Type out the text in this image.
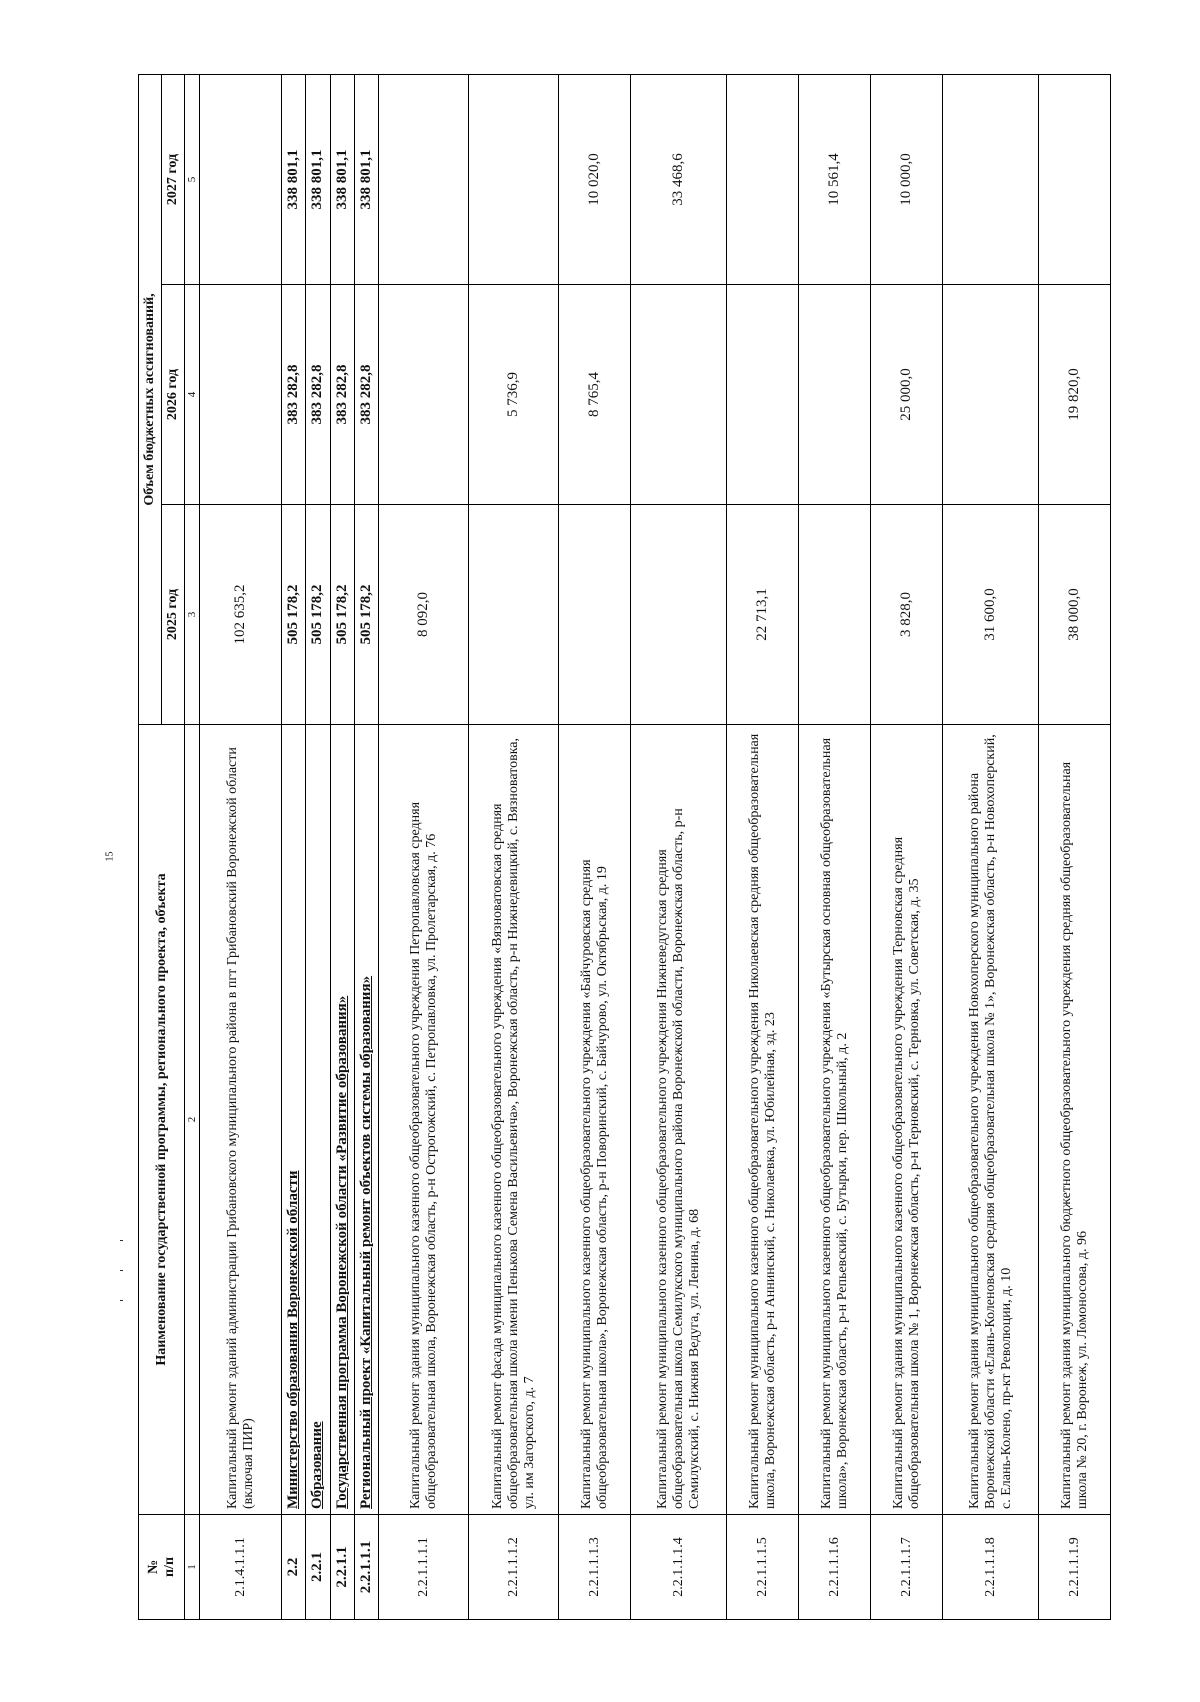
15
№
п/п	Наименование государственной программы, регионального проекта, объекта	Объем бюджетных ассигнований,		
		2025 год	2026 год	2027 год
1	2	3	4	5
2.1.4.1.1.1	Капитальный ремонт зданий администрации Грибановского муниципального района в пгт Грибановский Воронежской области (включая ПИР)	102 635,2		
2.2	Министерство образования Воронежской области	505 178,2	383 282,8	338 801,1
2.2.1	Образование	505 178,2	383 282,8	338 801,1
2.2.1.1	Государственная программа Воронежской области «Развитие образования»	505 178,2	383 282,8	338 801,1
2.2.1.1.1	Региональный проект «Капитальный ремонт объектов системы образования»	505 178,2	383 282,8	338 801,1
2.2.1.1.1.1	Капитальный ремонт здания муниципального казенного общеобразовательного учреждения Петропавловская средняя общеобразовательная школа, Воронежская область, р-н Острогожский, с. Петропавловка, ул. Пролетарская, д. 76	8 092,0		
2.2.1.1.1.2	Капитальный ремонт фасада муниципального казенного общеобразовательного учреждения «Вязноватовская средняя общеобразовательная школа имени Пенькова Семена Васильевича», Воронежская область, р-н Нижнедевицкий, с. Вязноватовка, ул. им Загорского, д. 7		5 736,9	
2.2.1.1.1.3	Капитальный ремонт муниципального казенного общеобразовательного учреждения «Байчуровская средняя общеобразовательная школа», Воронежская область, р-н Поворинский, с. Байчурово, ул. Октябрьская, д. 19		8 765,4	10 020,0
2.2.1.1.1.4	Капитальный ремонт муниципального казенного общеобразовательного учреждения Нижневедугская средняя общеобразовательная школа Семилукского муниципального района Воронежской области, Воронежская область, р-н Семилукский, с. Нижняя Ведуга, ул. Ленина, д. 68			33 468,6
2.2.1.1.1.5	Капитальный ремонт муниципального казенного общеобразовательного учреждения Николаевская средняя общеобразовательная школа, Воронежская область, р-н Аннинский, с. Николаевка, ул. Юбилейная, зд. 23	22 713,1		
2.2.1.1.1.6	Капитальный ремонт муниципального казенного общеобразовательного учреждения «Бутырская основная общеобразовательная школа», Воронежская область, р-н Репьевский, с. Бутырки, пер. Школьный, д. 2			10 561,4
2.2.1.1.1.7	Капитальный ремонт здания муниципального казенного общеобразовательного учреждения Терновская средняя общеобразовательная школа № 1, Воронежская область, р-н Терновский, с. Терновка, ул. Советская, д. 35	3 828,0	25 000,0	10 000,0
2.2.1.1.1.8	Капитальный ремонт здания муниципального общеобразовательного учреждения Новохоперского муниципального района Воронежской области «Елань-Коленовская средняя общеобразовательная школа № 1», Воронежская область, р-н Новохоперский, с. Елань-Колено, пр-кт Революции, д. 10	31 600,0		
2.2.1.1.1.9	Капитальный ремонт здания муниципального бюджетного общеобразовательного учреждения средняя общеобразовательная школа № 20, г. Воронеж, ул. Ломоносова, д. 96	38 000,0	19 820,0	
